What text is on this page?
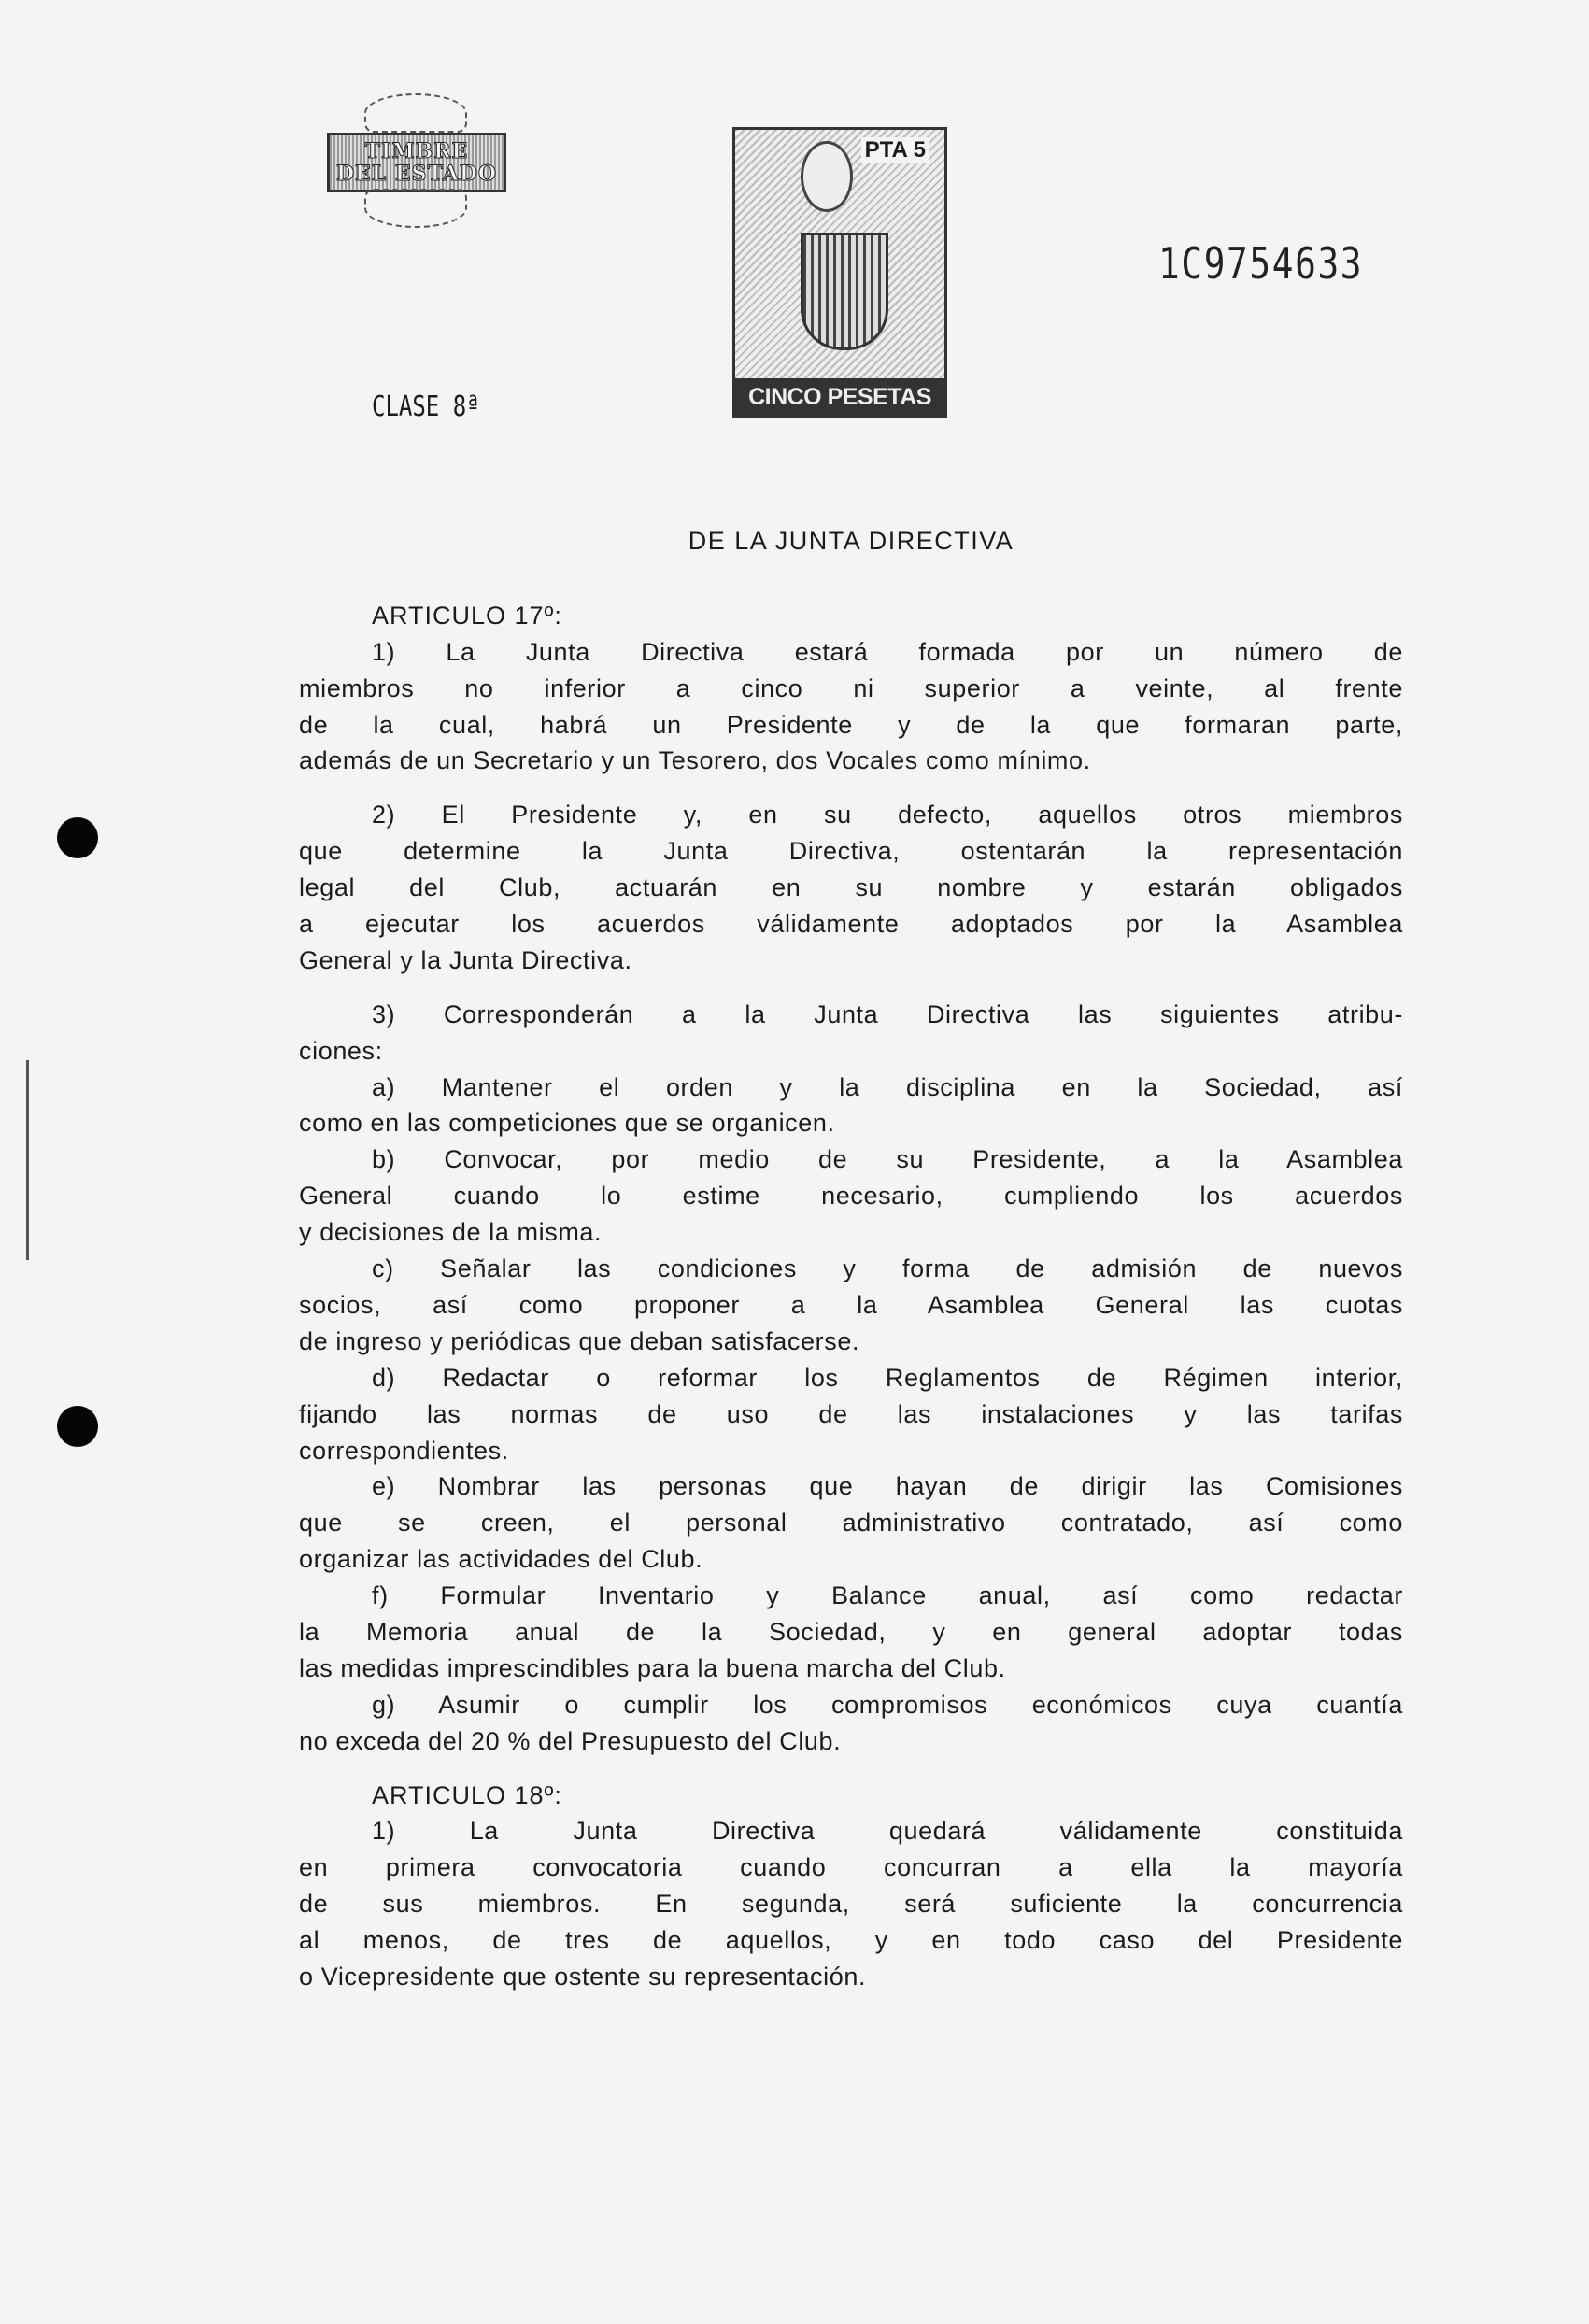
TIMBRE
DEL ESTADO
PTA 5
CINCO PESETAS
1C9754633
CLASE 8ª
DE LA JUNTA DIRECTIVA
ARTICULO 17º:
1) La Junta Directiva estará formada por un número de
miembros no inferior a cinco ni superior a veinte, al frente
de la cual, habrá un Presidente y de la que formaran parte,
además de un Secretario y un Tesorero, dos Vocales como mínimo.
2) El Presidente y, en su defecto, aquellos otros miembros
que determine la Junta Directiva, ostentarán la representación
legal del Club, actuarán en su nombre y estarán obligados
a ejecutar los acuerdos válidamente adoptados por la Asamblea
General y la Junta Directiva.
3) Corresponderán a la Junta Directiva las siguientes atribu-
ciones:
a) Mantener el orden y la disciplina en la Sociedad, así
como en las competiciones que se organicen.
b) Convocar, por medio de su Presidente, a la Asamblea
General cuando lo estime necesario, cumpliendo los acuerdos
y decisiones de la misma.
c) Señalar las condiciones y forma de admisión de nuevos
socios, así como proponer a la Asamblea General las cuotas
de ingreso y periódicas que deban satisfacerse.
d) Redactar o reformar los Reglamentos de Régimen interior,
fijando las normas de uso de las instalaciones y las tarifas
correspondientes.
e) Nombrar las personas que hayan de dirigir las Comisiones
que se creen, el personal administrativo contratado, así como
organizar las actividades del Club.
f) Formular Inventario y Balance anual, así como redactar
la Memoria anual de la Sociedad, y en general adoptar todas
las medidas imprescindibles para la buena marcha del Club.
g) Asumir o cumplir los compromisos económicos cuya cuantía
no exceda del 20 % del Presupuesto del Club.
ARTICULO 18º:
1) La Junta Directiva quedará válidamente constituida
en primera convocatoria cuando concurran a ella la mayoría
de sus miembros. En segunda, será suficiente la concurrencia
al menos, de tres de aquellos, y en todo caso del Presidente
o Vicepresidente que ostente su representación.
